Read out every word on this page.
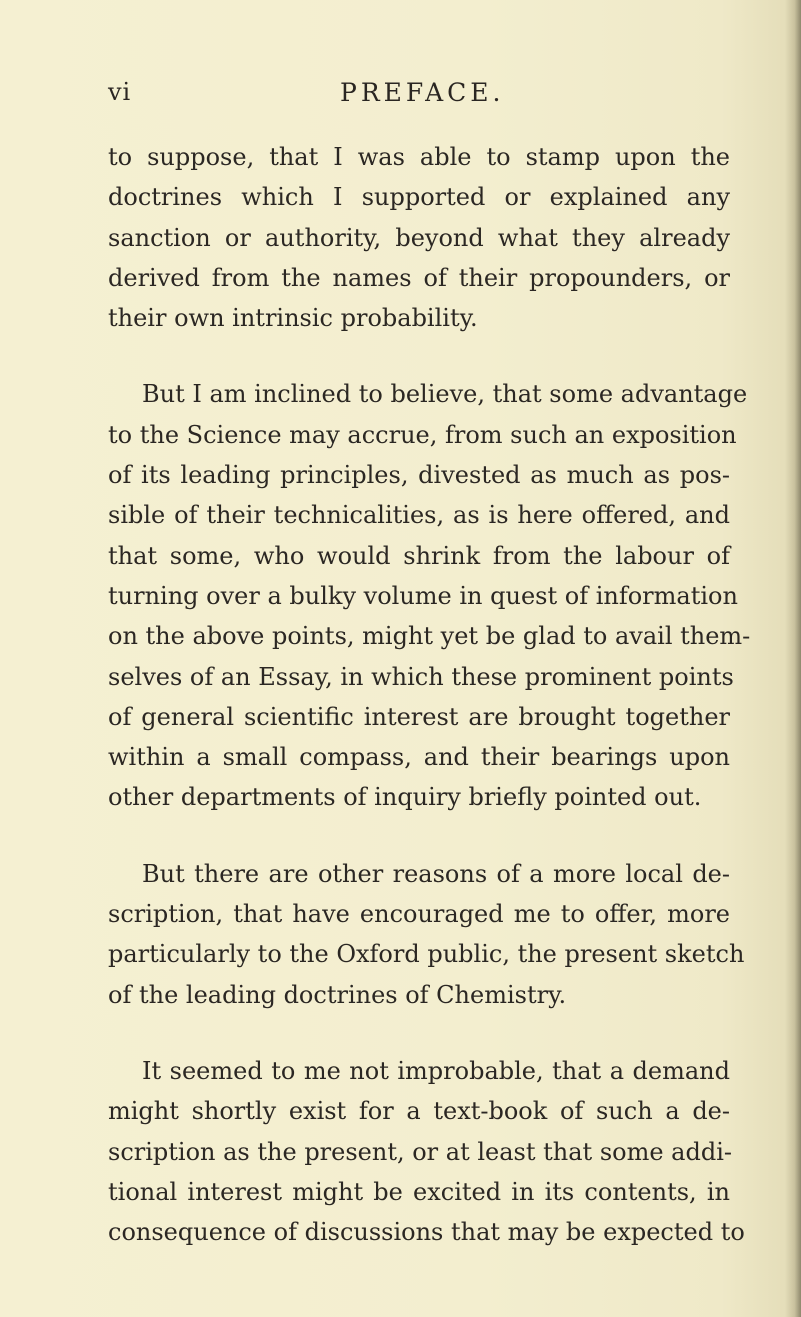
vi	PREFACE.

to suppose, that I was able to stamp upon the
doctrines which I supported or explained any
sanction or authority, beyond what they already
derived from the names of their propounders, or
their own intrinsic probability.

But I am inclined to believe, that some advantage
to the Science may accrue, from such an exposition
of its leading principles, divested as much as pos-
sible of their technicalities, as is here offered, and
that some, who would shrink from the labour of
turning over a bulky volume in quest of information
on the above points, might yet be glad to avail them-
selves of an Essay, in which these prominent points
of general scientific interest are brought together
within a small compass, and their bearings upon
other departments of inquiry briefly pointed out.

But there are other reasons of a more local de-
scription, that have encouraged me to offer, more
particularly to the Oxford public, the present sketch
of the leading doctrines of Chemistry.

It seemed to me not improbable, that a demand
might shortly exist for a text-book of such a de-
scription as the present, or at least that some addi-
tional interest might be excited in its contents, in
consequence of discussions that may be expected to
